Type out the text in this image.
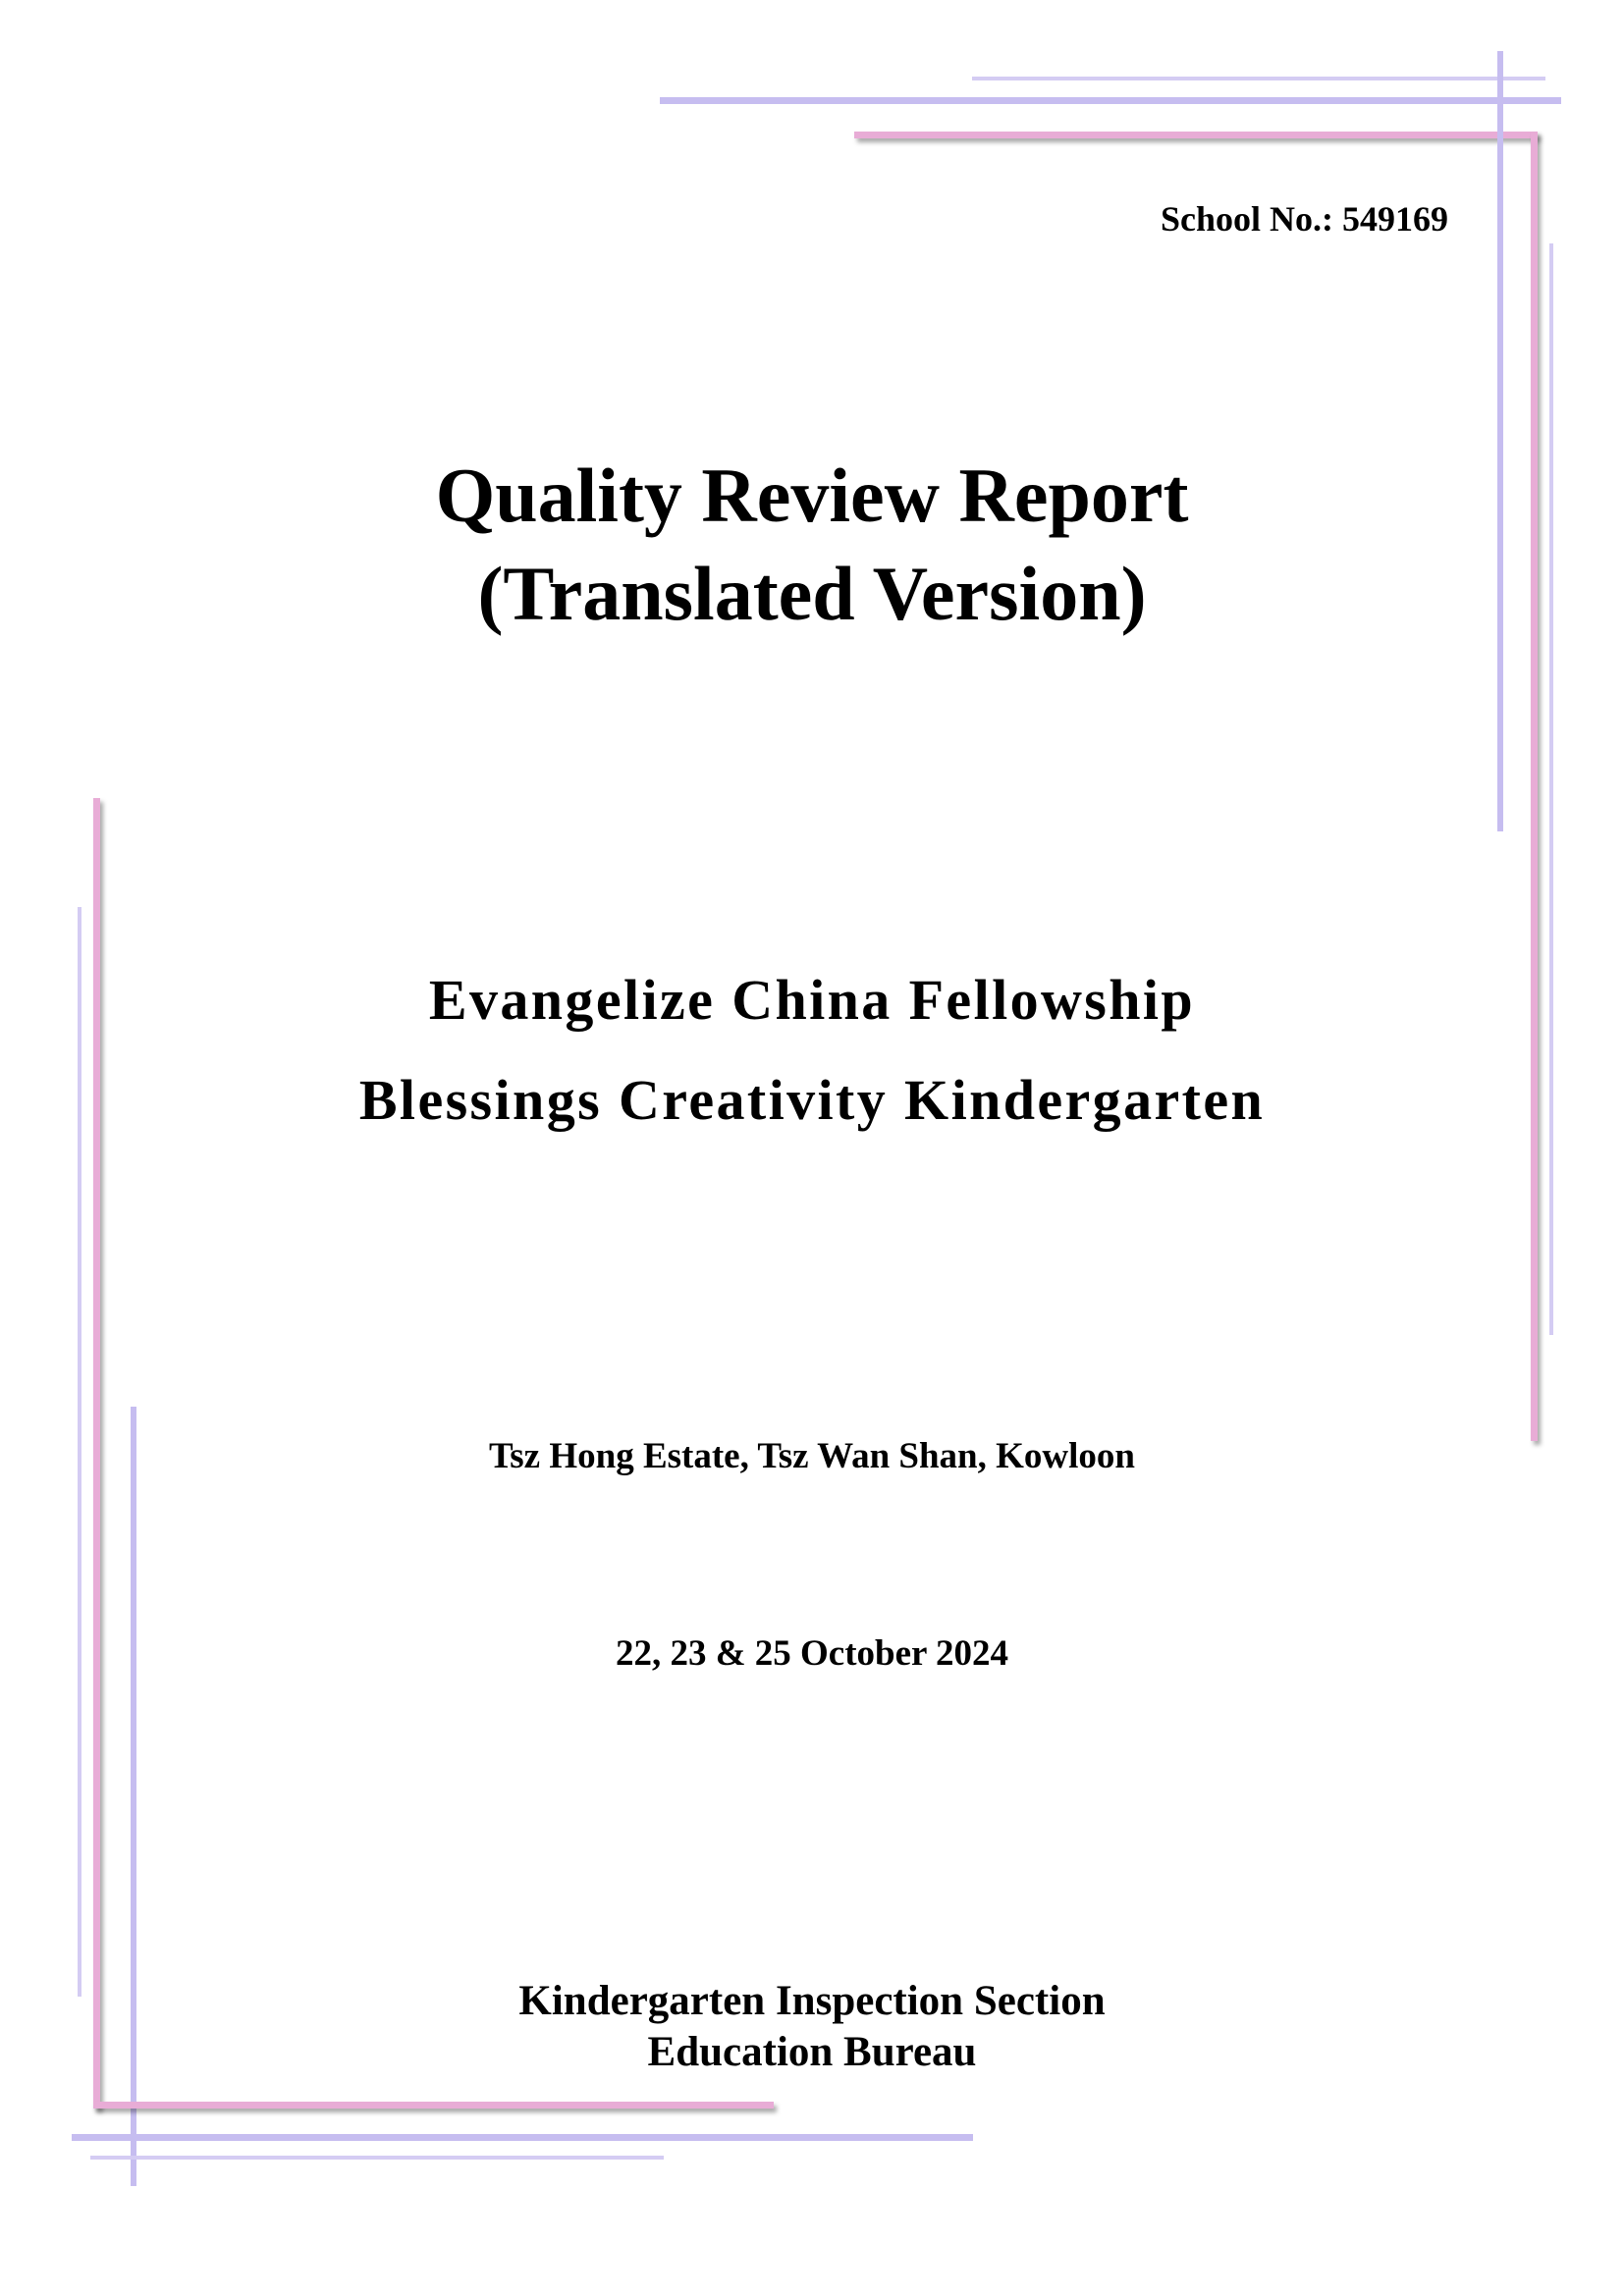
School No.: 549169
Quality Review Report
(Translated Version)
Evangelize China Fellowship
Blessings Creativity Kindergarten
Tsz Hong Estate, Tsz Wan Shan, Kowloon
22, 23 & 25 October 2024
Kindergarten Inspection Section
Education Bureau
